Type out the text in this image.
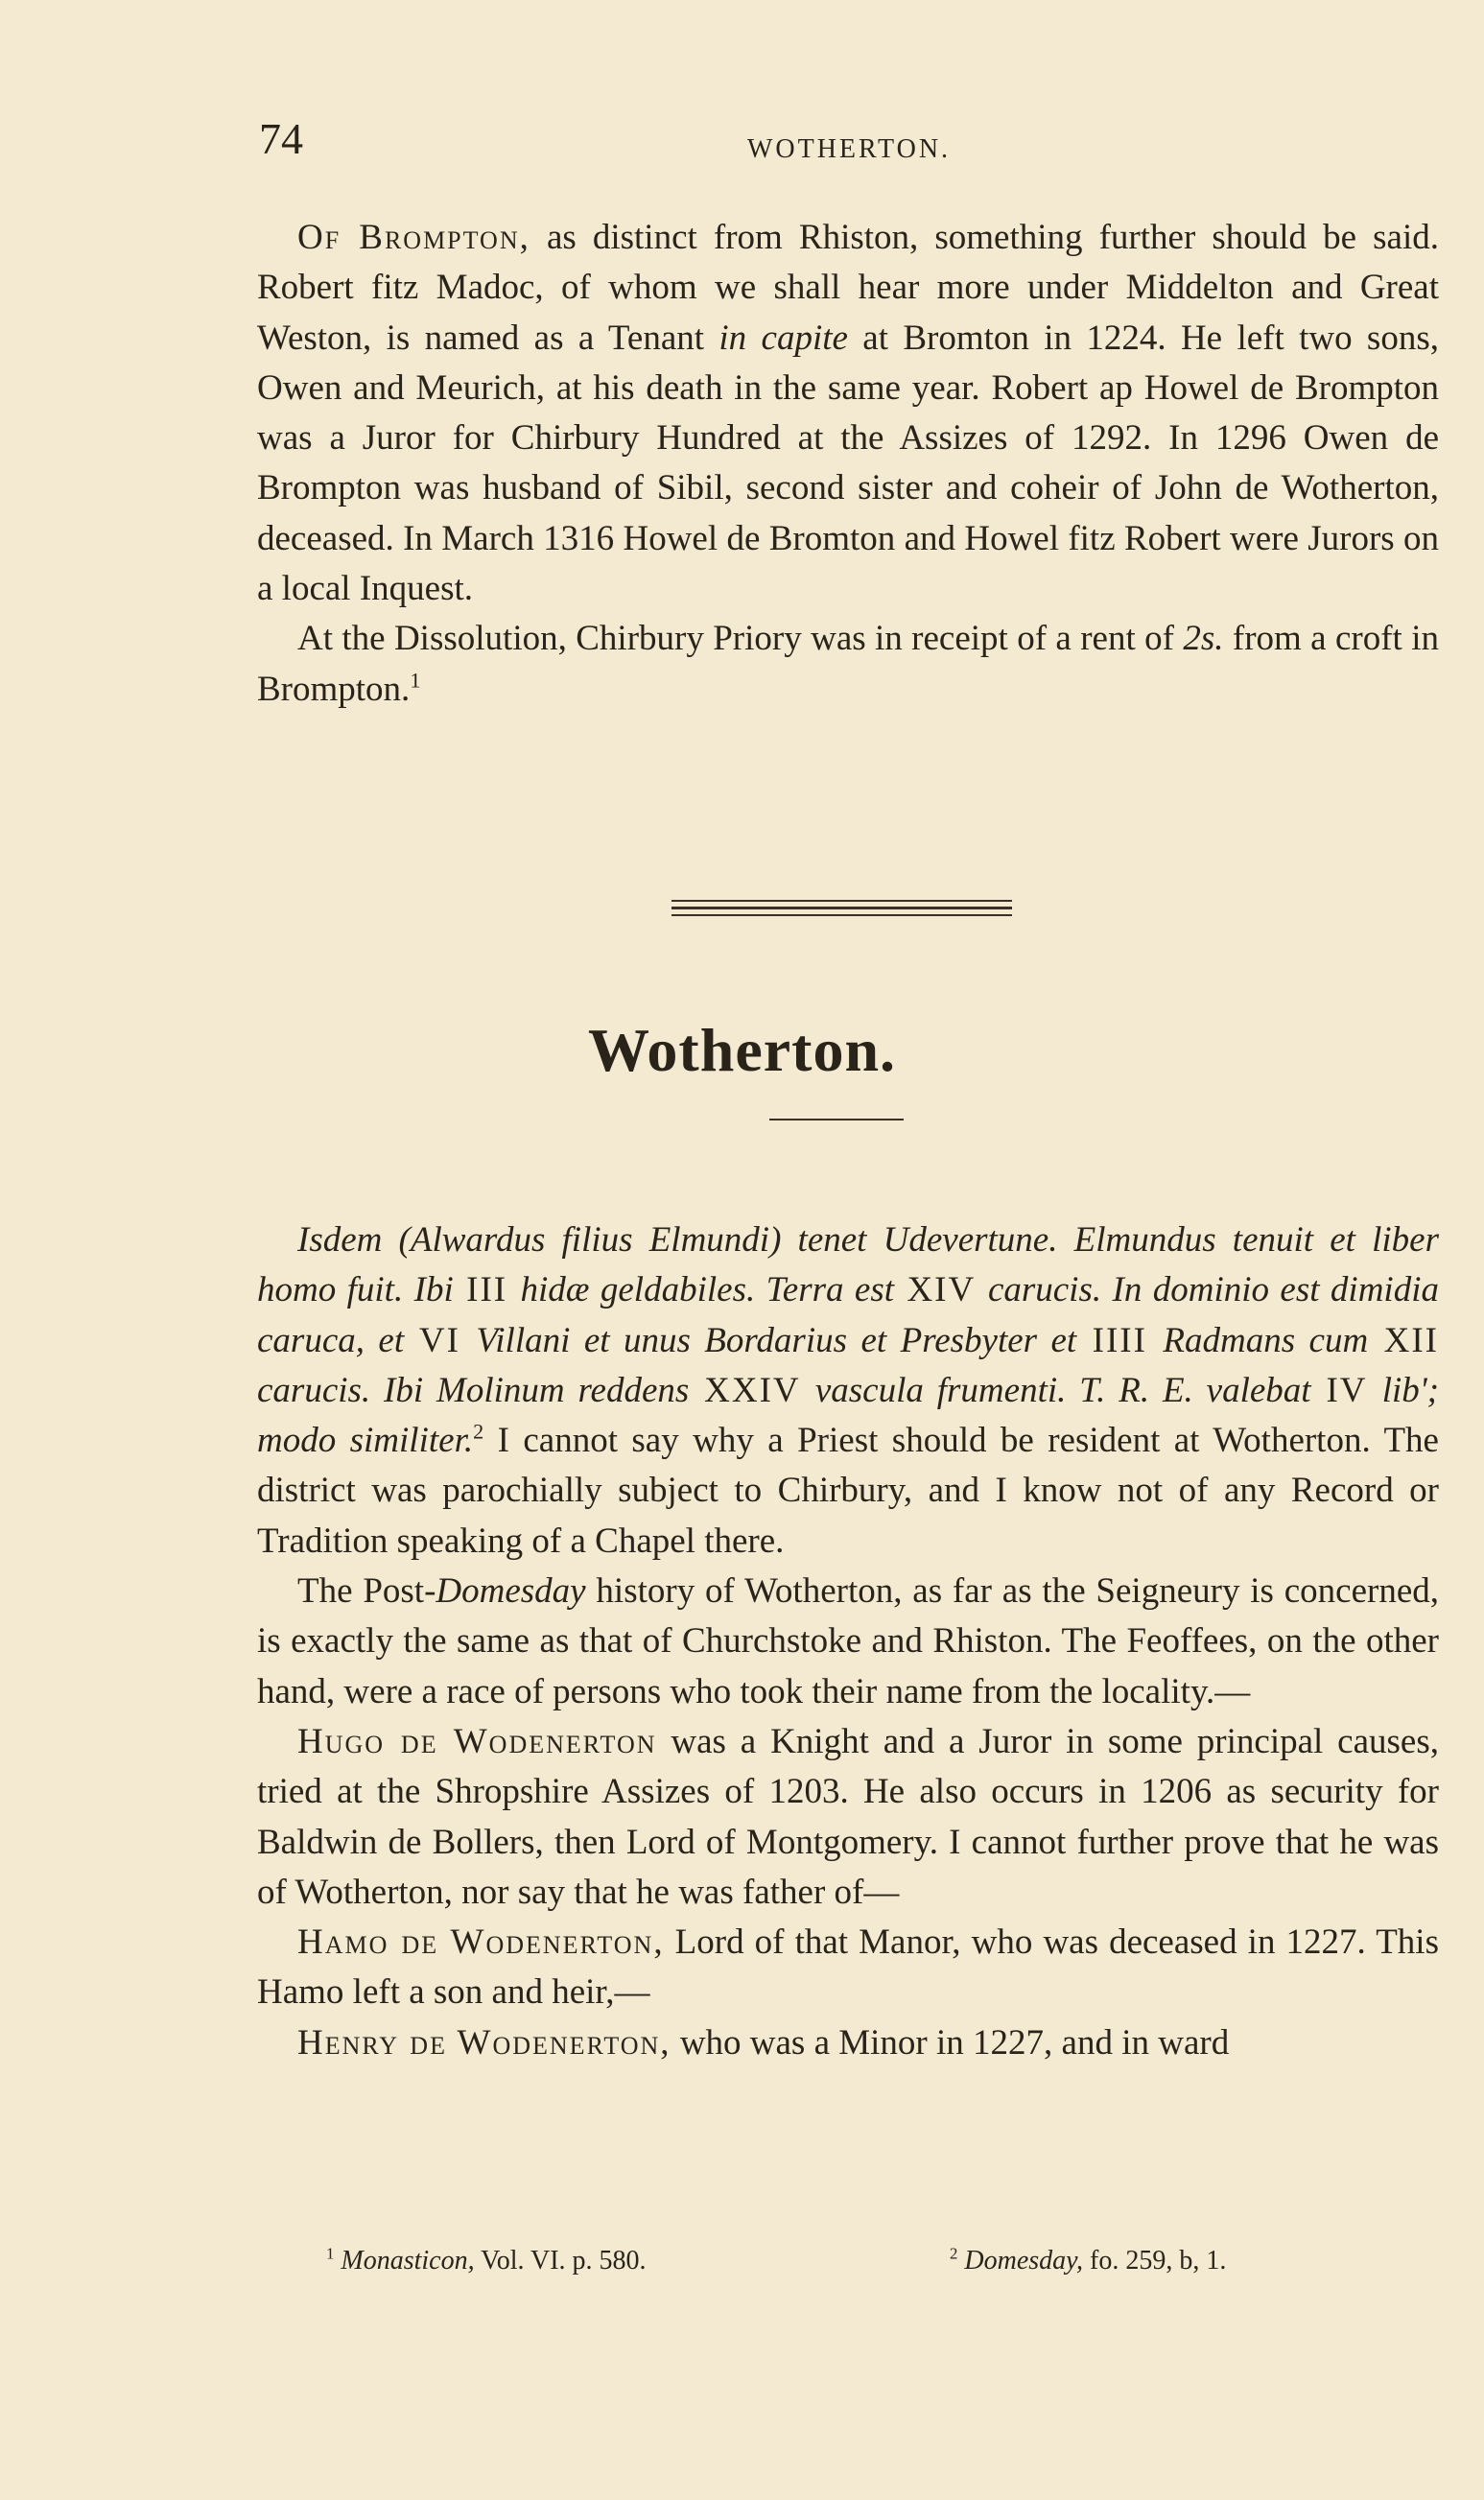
74	WOTHERTON.

Of Brompton, as distinct from Rhiston, something further should be said. Robert fitz Madoc, of whom we shall hear more under Middelton and Great Weston, is named as a Tenant in capite at Bromton in 1224. He left two sons, Owen and Meurich, at his death in the same year. Robert ap Howel de Brompton was a Juror for Chirbury Hundred at the Assizes of 1292. In 1296 Owen de Brompton was husband of Sibil, second sister and coheir of John de Wotherton, deceased. In March 1316 Howel de Bromton and Howel fitz Robert were Jurors on a local Inquest.

At the Dissolution, Chirbury Priory was in receipt of a rent of 2s. from a croft in Brompton.$^1$

Wotherton.

Isdem (Alwardus filius Elmundi) tenet Udevertune. Elmundus tenuit et liber homo fuit. Ibi III hidæ geldabiles. Terra est XIV carucis. In dominio est dimidia caruca, et VI Villani et unus Bordarius et Presbyter et IIII Radmans cum XII carucis. Ibi Molinum reddens XXIV vascula frumenti. T. R. E. valebat IV lib'; modo similiter.$^2$ I cannot say why a Priest should be resident at Wotherton. The district was parochially subject to Chirbury, and I know not of any Record or Tradition speaking of a Chapel there.

The Post-Domesday history of Wotherton, as far as the Seigneury is concerned, is exactly the same as that of Churchstoke and Rhiston. The Feoffees, on the other hand, were a race of persons who took their name from the locality.—

Hugo de Wodenerton was a Knight and a Juror in some principal causes, tried at the Shropshire Assizes of 1203. He also occurs in 1206 as security for Baldwin de Bollers, then Lord of Montgomery. I cannot further prove that he was of Wotherton, nor say that he was father of—

Hamo de Wodenerton, Lord of that Manor, who was deceased in 1227. This Hamo left a son and heir,—

Henry de Wodenerton, who was a Minor in 1227, and in ward

$^1$ Monasticon, Vol. VI. p. 580.	$^2$ Domesday, fo. 259, b, 1.
